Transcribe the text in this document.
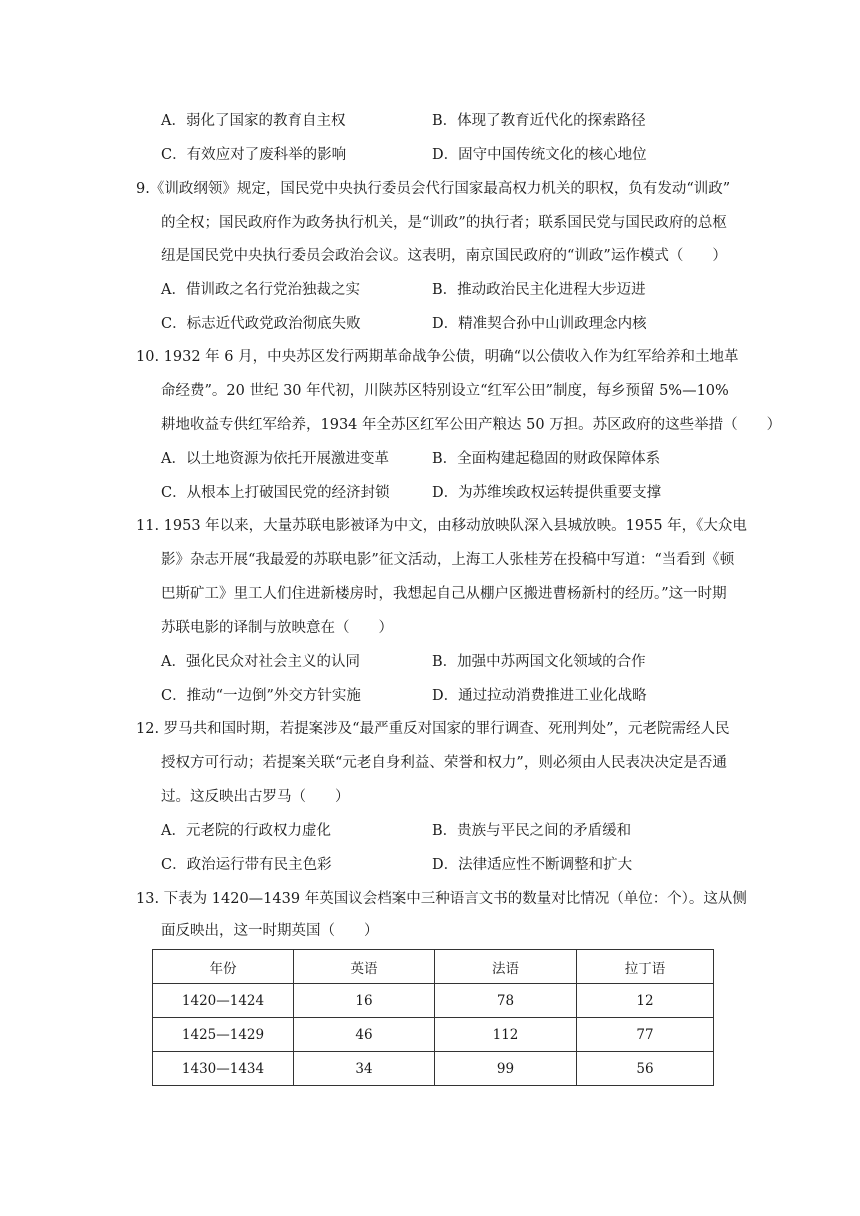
A．弱化了国家的教育自主权	B．体现了教育近代化的探索路径
C．有效应对了废科举的影响	D．固守中国传统文化的核心地位
9.《训政纲领》规定，国民党中央执行委员会代行国家最高权力机关的职权，负有发动“训政”
的全权；国民政府作为政务执行机关，是“训政”的执行者；联系国民党与国民政府的总枢
纽是国民党中央执行委员会政治会议。这表明，南京国民政府的“训政”运作模式（　　）
A．借训政之名行党治独裁之实	B．推动政治民主化进程大步迈进
C．标志近代政党政治彻底失败	D．精准契合孙中山训政理念内核
10. 1932 年 6 月，中央苏区发行两期革命战争公债，明确“以公债收入作为红军给养和土地革
命经费”。20 世纪 30 年代初，川陕苏区特别设立“红军公田”制度，每乡预留 5%—10%
耕地收益专供红军给养，1934 年全苏区红军公田产粮达 50 万担。苏区政府的这些举措（　　）
A．以土地资源为依托开展激进变革	B．全面构建起稳固的财政保障体系
C．从根本上打破国民党的经济封锁	D．为苏维埃政权运转提供重要支撑
11. 1953 年以来，大量苏联电影被译为中文，由移动放映队深入县城放映。1955 年，《大众电
影》杂志开展“我最爱的苏联电影”征文活动，上海工人张桂芳在投稿中写道：“当看到《顿
巴斯矿工》里工人们住进新楼房时，我想起自己从棚户区搬进曹杨新村的经历。”这一时期
苏联电影的译制与放映意在（　　）
A．强化民众对社会主义的认同	B．加强中苏两国文化领域的合作
C．推动“一边倒”外交方针实施	D．通过拉动消费推进工业化战略
12. 罗马共和国时期，若提案涉及“最严重反对国家的罪行调查、死刑判处”，元老院需经人民
授权方可行动；若提案关联“元老自身利益、荣誉和权力”，则必须由人民表决决定是否通
过。这反映出古罗马（　　）
A．元老院的行政权力虚化	B．贵族与平民之间的矛盾缓和
C．政治运行带有民主色彩	D．法律适应性不断调整和扩大
13. 下表为 1420—1439 年英国议会档案中三种语言文书的数量对比情况（单位：个）。这从侧
面反映出，这一时期英国（　　）
年份	英语	法语	拉丁语
1420—1424	16	78	12
1425—1429	46	112	77
1430—1434	34	99	56
